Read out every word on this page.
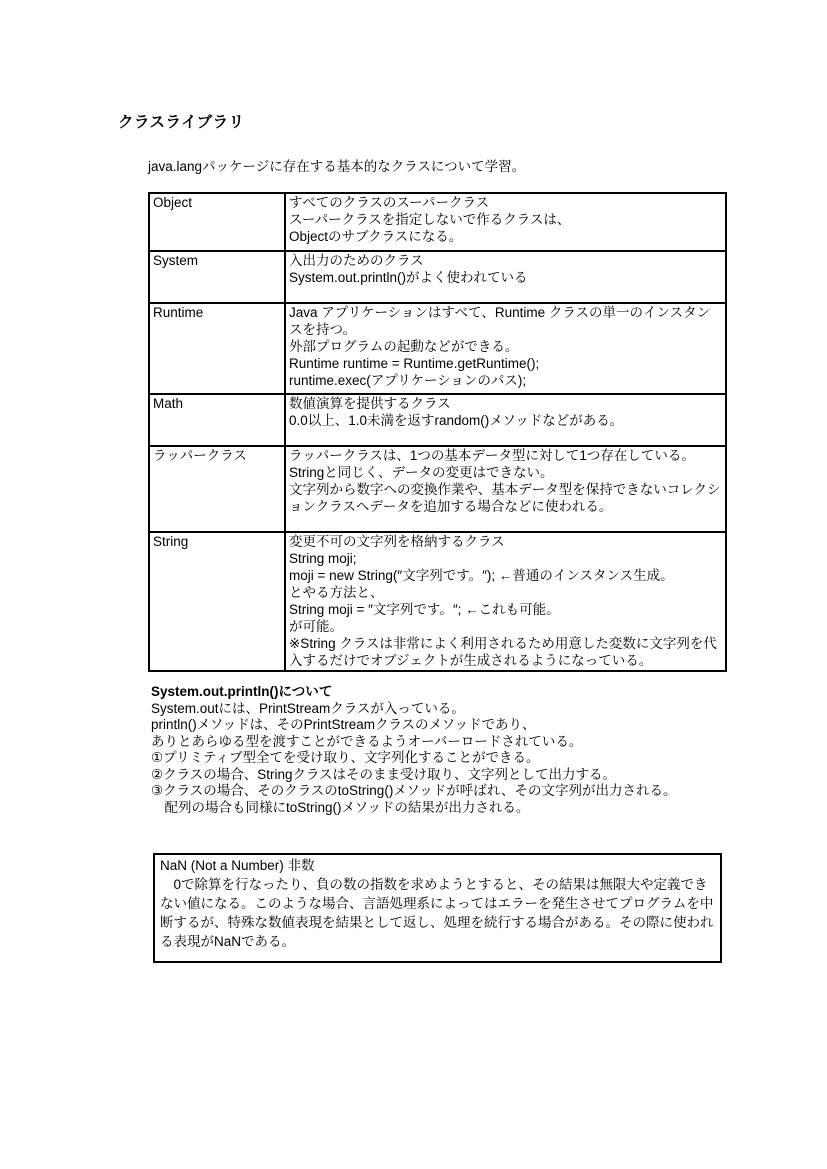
クラスライブラリ

java.langパッケージに存在する基本的なクラスについて学習。

Object	すべてのクラスのスーパークラス
スーパークラスを指定しないで作るクラスは、
Objectのサブクラスになる。

System	入出力のためのクラス
System.out.println()がよく使われている

Runtime	Java アプリケーションはすべて、Runtime クラスの単一のインスタンスを持つ。
外部プログラムの起動などができる。
Runtime runtime = Runtime.getRuntime();
runtime.exec(アプリケーションのパス);

Math	数値演算を提供するクラス
0.0以上、1.0未満を返すrandom()メソッドなどがある。

ラッパークラス	ラッパークラスは、1つの基本データ型に対して1つ存在している。
Stringと同じく、データの変更はできない。
文字列から数字への変換作業や、基本データ型を保持できないコレクションクラスへデータを追加する場合などに使われる。

String	変更不可の文字列を格納するクラス
String moji;
moji = new String(″文字列です。″); ←普通のインスタンス生成。
とやる方法と、
String moji = ″文字列です。″; ←これも可能。
が可能。
※String クラスは非常によく利用されるため用意した変数に文字列を代入するだけでオブジェクトが生成されるようになっている。
System.out.println()について
System.outには、PrintStreamクラスが入っている。
println()メソッドは、そのPrintStreamクラスのメソッドであり、
ありとあらゆる型を渡すことができるようオーバーロードされている。
①プリミティブ型全てを受け取り、文字列化することができる。
②クラスの場合、Stringクラスはそのまま受け取り、文字列として出力する。
③クラスの場合、そのクラスのtoString()メソッドが呼ばれ、その文字列が出力される。
　配列の場合も同様にtoString()メソッドの結果が出力される。
NaN (Not a Number) 非数
　0で除算を行なったり、負の数の指数を求めようとすると、その結果は無限大や定義できない値になる。このような場合、言語処理系によってはエラーを発生させてプログラムを中断するが、特殊な数値表現を結果として返し、処理を続行する場合がある。その際に使われる表現がNaNである。
